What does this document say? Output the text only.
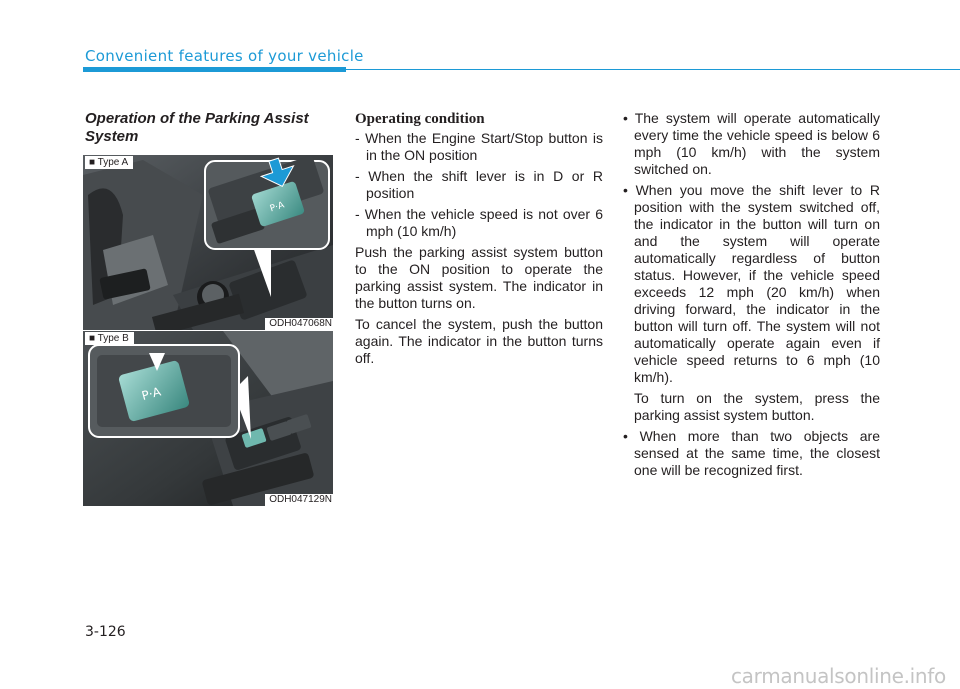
Convenient features of your vehicle
Operation of the Parking Assist System
P·A
■ Type A
ODH047068N
P·A
■ Type B
ODH047129N
Operating condition

- When the Engine Start/Stop button is in the ON position

- When the shift lever is in D or R position

- When the vehicle speed is not over 6 mph (10 km/h)

Push the parking assist system button to the ON position to operate the parking assist system. The indicator in the button turns on.

To cancel the system, push the button again. The indicator in the button turns off.

• The system will operate automatically every time the vehicle speed is below 6 mph (10 km/h) with the system switched on.

• When you move the shift lever to R position with the system switched off, the indicator in the button will turn on and the system will operate automatically regardless of button status. However, if the vehicle speed exceeds 12 mph (20 km/h) when driving forward, the indicator in the button will turn off. The system will not automatically operate again even if vehicle speed returns to 6 mph (10 km/h).

To turn on the system, press the parking assist system button.

• When more than two objects are sensed at the same time, the closest one will be recognized first.

3-126
carmanualsonline.info
